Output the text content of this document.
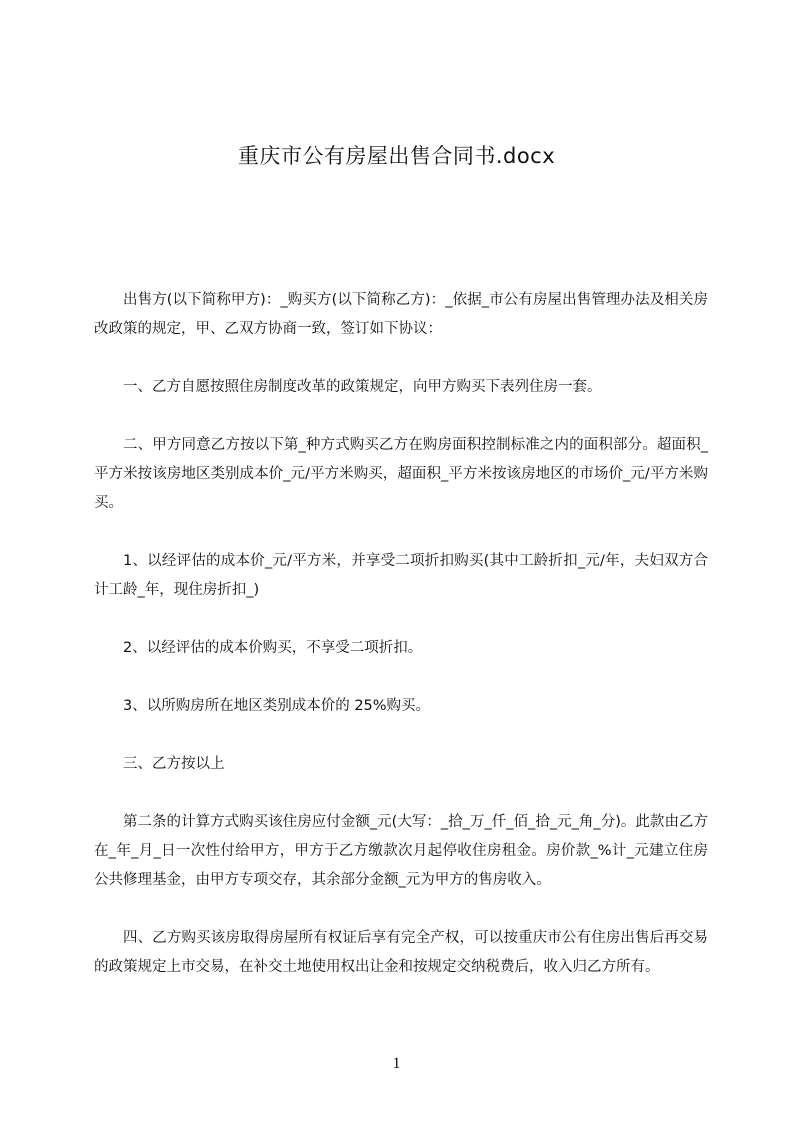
重庆市公有房屋出售合同书.docx

出售方(以下简称甲方)：_购买方(以下简称乙方)：_依据_市公有房屋出售管理办法及相关房改政策的规定，甲、乙双方协商一致，签订如下协议：

一、乙方自愿按照住房制度改革的政策规定，向甲方购买下表列住房一套。

二、甲方同意乙方按以下第_种方式购买乙方在购房面积控制标准之内的面积部分。超面积_平方米按该房地区类别成本价_元/平方米购买，超面积_平方米按该房地区的市场价_元/平方米购买。

1、以经评估的成本价_元/平方米，并享受二项折扣购买(其中工龄折扣_元/年，夫妇双方合计工龄_年，现住房折扣_)

2、以经评估的成本价购买，不享受二项折扣。

3、以所购房所在地区类别成本价的 25%购买。

三、乙方按以上

第二条的计算方式购买该住房应付金额_元(大写：_拾_万_仟_佰_拾_元_角_分)。此款由乙方在_年_月_日一次性付给甲方，甲方于乙方缴款次月起停收住房租金。房价款_%计_元建立住房公共修理基金，由甲方专项交存，其余部分金额_元为甲方的售房收入。

四、乙方购买该房取得房屋所有权证后享有完全产权，可以按重庆市公有住房出售后再交易的政策规定上市交易，在补交土地使用权出让金和按规定交纳税费后，收入归乙方所有。

1
